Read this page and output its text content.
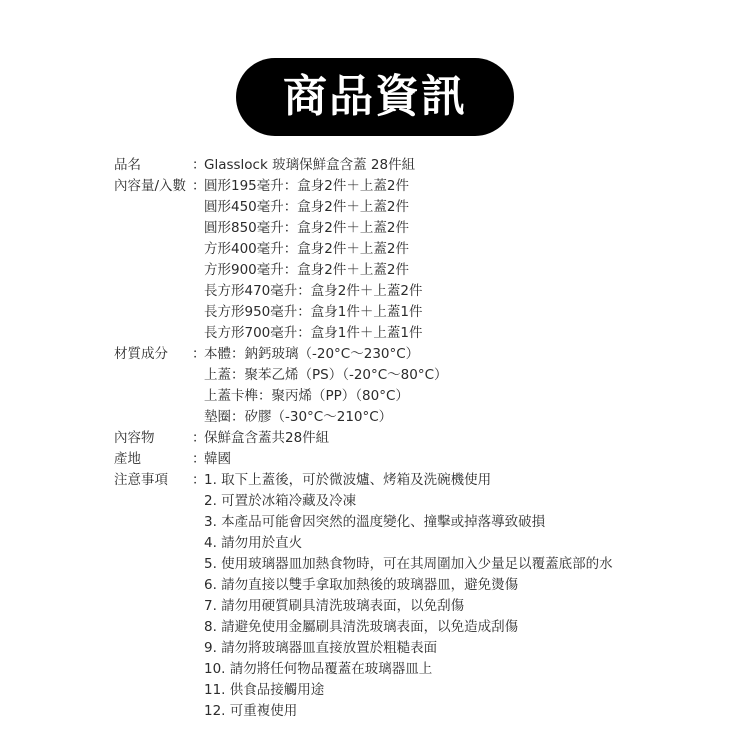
商品資訊
品名	：
Glasslock 玻璃保鮮盒含蓋 28件組
內容量/入數 ：
圓形195毫升：盒身2件＋上蓋2件
圓形450毫升：盒身2件＋上蓋2件
圓形850毫升：盒身2件＋上蓋2件
方形400毫升：盒身2件＋上蓋2件
方形900毫升：盒身2件＋上蓋2件
長方形470毫升：盒身2件＋上蓋2件
長方形950毫升：盒身1件＋上蓋1件
長方形700毫升：盒身1件＋上蓋1件
材質成分	：
本體：鈉鈣玻璃（-20°C～230°C）
上蓋：聚苯乙烯（PS）（-20°C～80°C）
上蓋卡榫：聚丙烯（PP）（80°C）
墊圈：矽膠（-30°C～210°C）
內容物	：
保鮮盒含蓋共28件組
產地	：
韓國
注意事項	：
1. 取下上蓋後，可於微波爐、烤箱及洗碗機使用
2. 可置於冰箱冷藏及冷凍
3. 本產品可能會因突然的溫度變化、撞擊或掉落導致破損
4. 請勿用於直火
5. 使用玻璃器皿加熱食物時，可在其周圍加入少量足以覆蓋底部的水
6. 請勿直接以雙手拿取加熱後的玻璃器皿，避免燙傷
7. 請勿用硬質刷具清洗玻璃表面，以免刮傷
8. 請避免使用金屬刷具清洗玻璃表面，以免造成刮傷
9. 請勿將玻璃器皿直接放置於粗糙表面
10. 請勿將任何物品覆蓋在玻璃器皿上
11. 供食品接觸用途
12. 可重複使用
